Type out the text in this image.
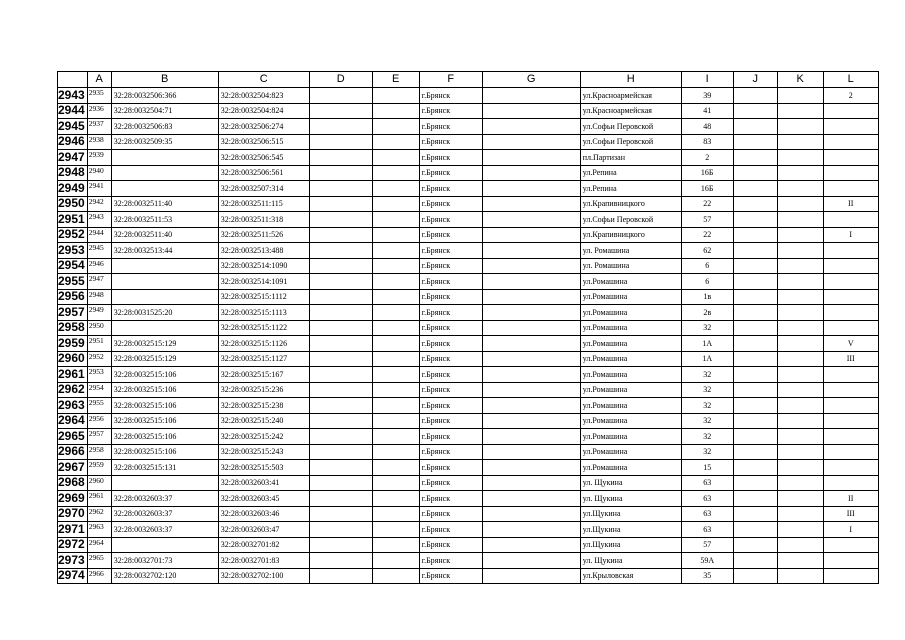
	A	B	C	D	E	F	G	H	I	J	K	L
2943	2935	32:28:0032506:366	32:28:0032504:823			г.Брянск		ул.Красноармейская	39			2
2944	2936	32:28:0032504:71	32:28:0032504:824			г.Брянск		ул.Красноармейская	41			
2945	2937	32:28:0032506:83	32:28:0032506:274			г.Брянск		ул.Софьи Перовской	48			
2946	2938	32:28:0032509:35	32:28:0032506:515			г.Брянск		ул.Софьи Перовской	83			
2947	2939		32:28:0032506:545			г.Брянск		пл.Партизан	2			
2948	2940		32:28:0032506:561			г.Брянск		ул.Репина	16Б			
2949	2941		32:28:0032507:314			г.Брянск		ул.Репина	16Б			
2950	2942	32:28:0032511:40	32:28:0032511:115			г.Брянск		ул.Крапивницкого	22			II
2951	2943	32:28:0032511:53	32:28:0032511:318			г.Брянск		ул.Софьи Перовской	57			
2952	2944	32:28:0032511:40	32:28:0032511:526			г.Брянск		ул.Крапивницкого	22			I
2953	2945	32:28:0032513:44	32:28:0032513:488			г.Брянск		ул. Ромашина	62			
2954	2946		32:28:0032514:1090			г.Брянск		ул. Ромашина	6			
2955	2947		32:28:0032514:1091			г.Брянск		ул.Ромашина	6			
2956	2948		32:28:0032515:1112			г.Брянск		ул.Ромашина	1в			
2957	2949	32:28:0031525:20	32:28:0032515:1113			г.Брянск		ул.Ромашина	2в			
2958	2950		32:28:0032515:1122			г.Брянск		ул.Ромашина	32			
2959	2951	32:28:0032515:129	32:28:0032515:1126			г.Брянск		ул.Ромашина	1А			V
2960	2952	32:28:0032515:129	32:28:0032515:1127			г.Брянск		ул.Ромашина	1А			III
2961	2953	32:28:0032515:106	32:28:0032515:167			г.Брянск		ул.Ромашина	32			
2962	2954	32:28:0032515:106	32:28:0032515:236			г.Брянск		ул.Ромашина	32			
2963	2955	32:28:0032515:106	32:28:0032515:238			г.Брянск		ул.Ромашина	32			
2964	2956	32:28:0032515:106	32:28:0032515:240			г.Брянск		ул.Ромашина	32			
2965	2957	32:28:0032515:106	32:28:0032515:242			г.Брянск		ул.Ромашина	32			
2966	2958	32:28:0032515:106	32:28:0032515:243			г.Брянск		ул.Ромашина	32			
2967	2959	32:28:0032515:131	32:28:0032515:503			г.Брянск		ул.Ромашина	15			
2968	2960		32:28:0032603:41			г.Брянск		ул. Щукина	63			
2969	2961	32:28:0032603:37	32:28:0032603:45			г.Брянск		ул. Щукина	63			II
2970	2962	32:28:0032603:37	32:28:0032603:46			г.Брянск		ул.Щукина	63			III
2971	2963	32:28:0032603:37	32:28:0032603:47			г.Брянск		ул.Щукина	63			I
2972	2964		32:28:0032701:82			г.Брянск		ул.Щукина	57			
2973	2965	32:28:0032701:73	32:28:0032701:83			г.Брянск		ул. Щукина	59А			
2974	2966	32:28:0032702:120	32:28:0032702:100			г.Брянск		ул.Крыловская	35			
